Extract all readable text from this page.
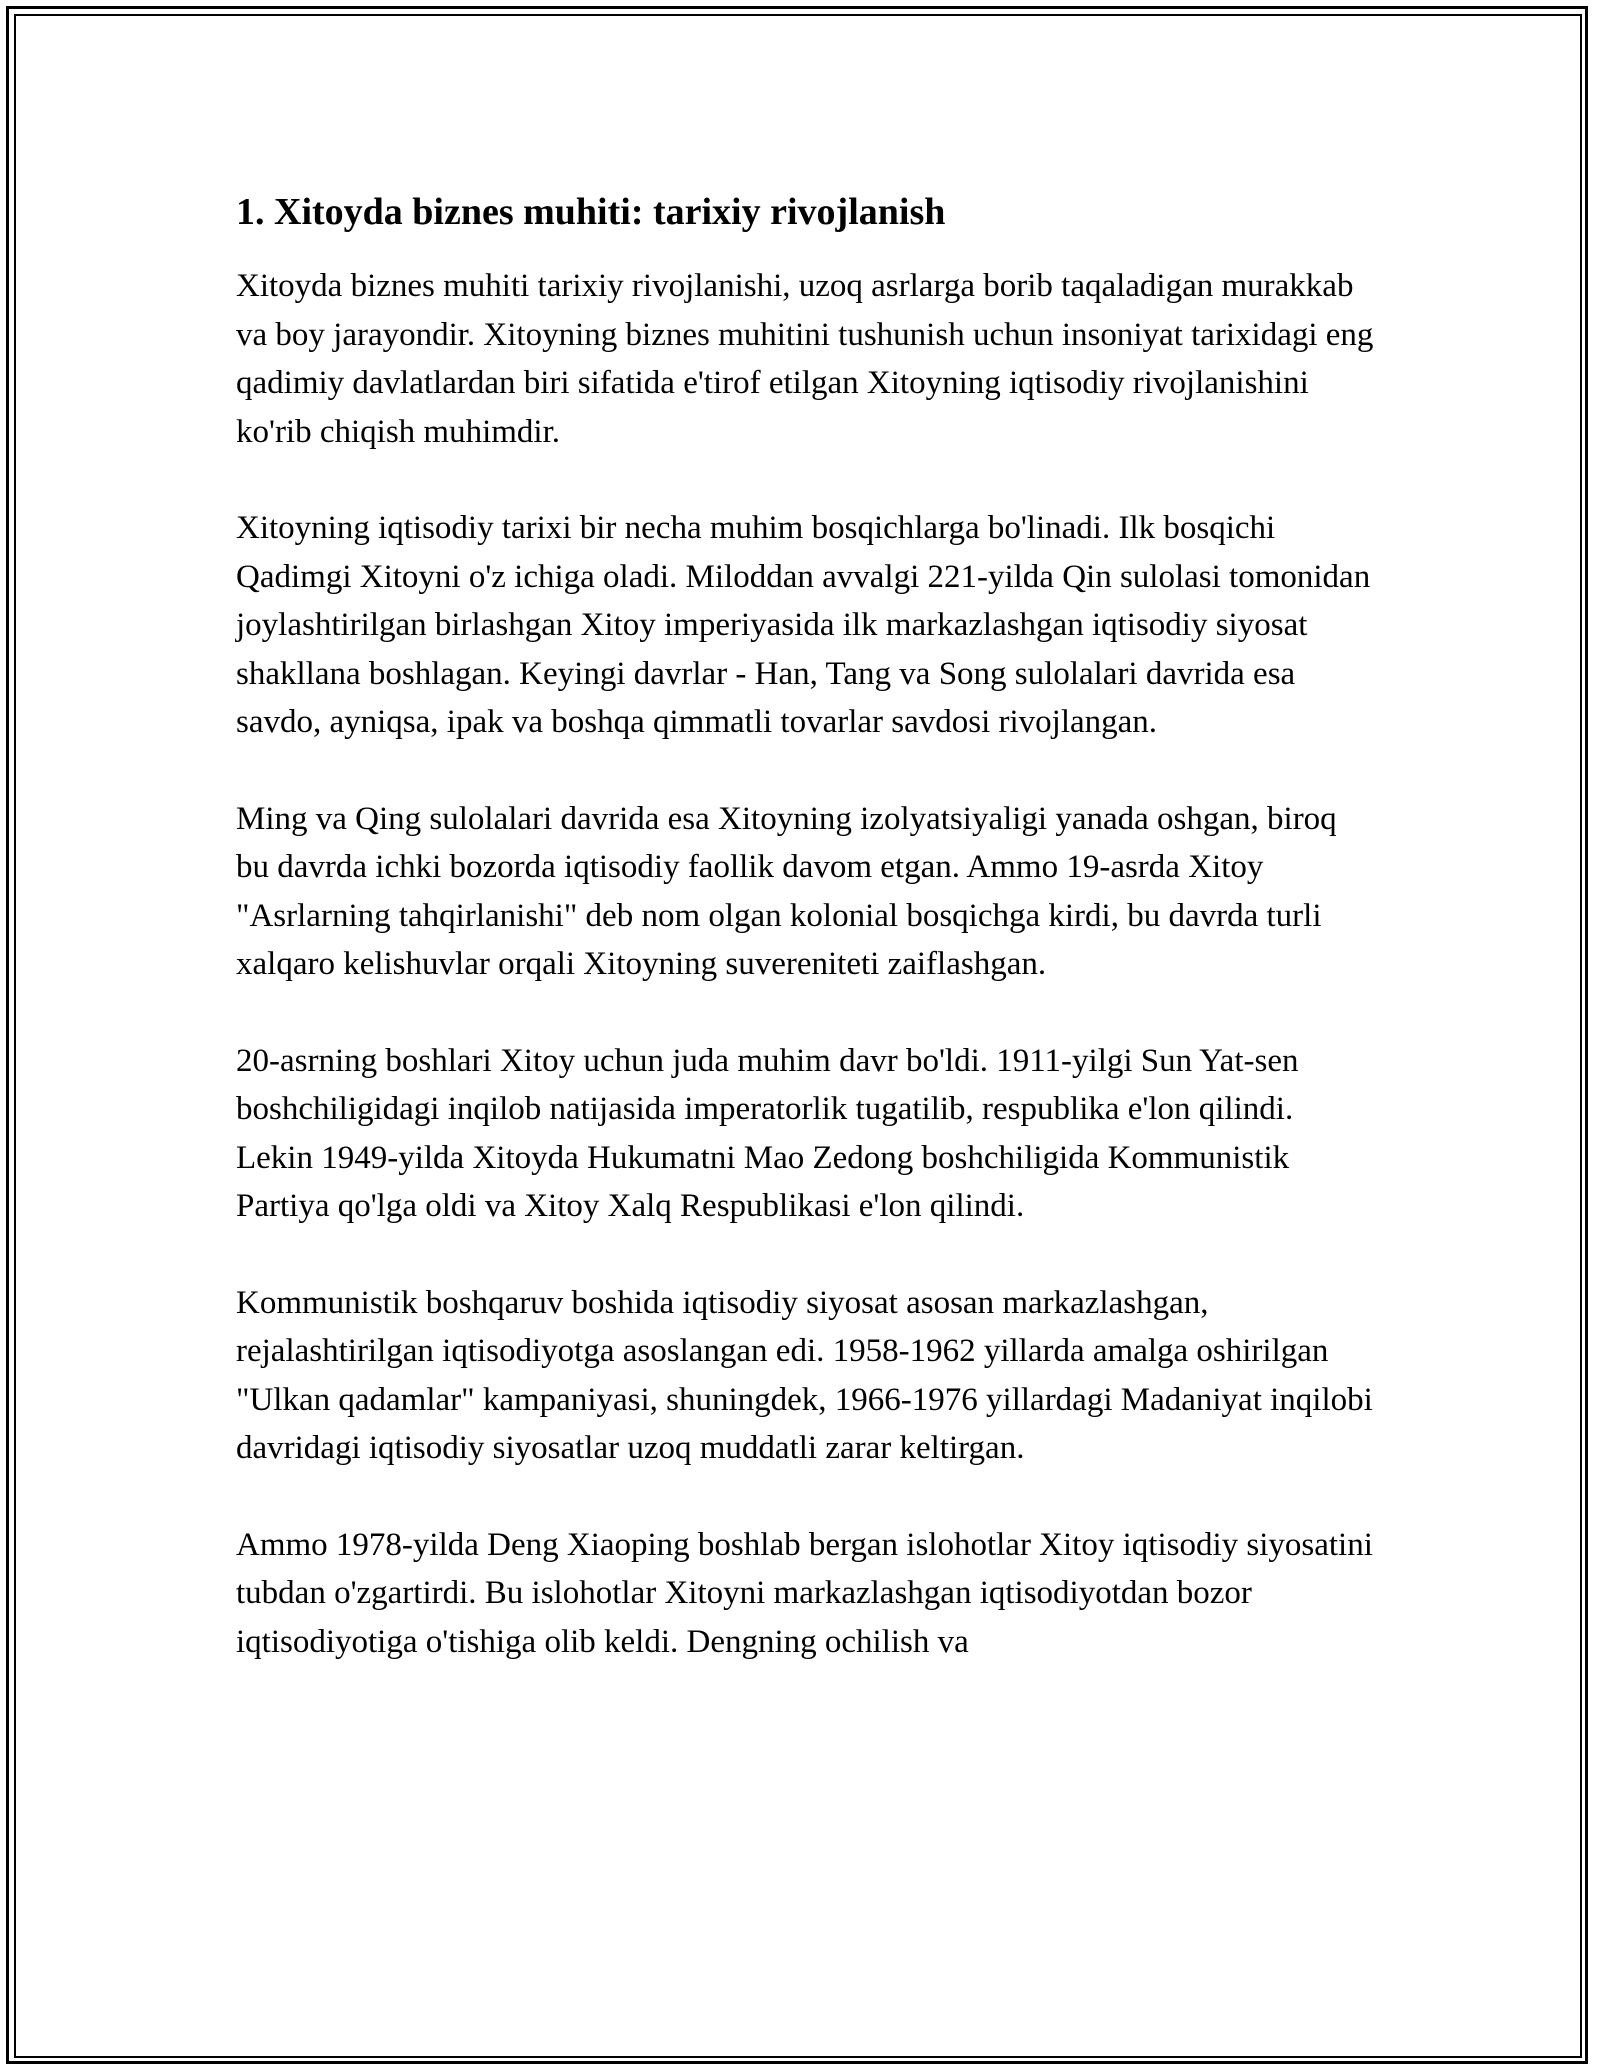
1. Xitoyda biznes muhiti: tarixiy rivojlanish

Xitoyda biznes muhiti tarixiy rivojlanishi, uzoq asrlarga borib taqaladigan murakkab va boy jarayondir. Xitoyning biznes muhitini tushunish uchun insoniyat tarixidagi eng qadimiy davlatlardan biri sifatida e'tirof etilgan Xitoyning iqtisodiy rivojlanishini ko'rib chiqish muhimdir.

Xitoyning iqtisodiy tarixi bir necha muhim bosqichlarga bo'linadi. Ilk bosqichi Qadimgi Xitoyni o'z ichiga oladi. Miloddan avvalgi 221-yilda Qin sulolasi tomonidan joylashtirilgan birlashgan Xitoy imperiyasida ilk markazlashgan iqtisodiy siyosat shakllana boshlagan. Keyingi davrlar - Han, Tang va Song sulolalari davrida esa savdo, ayniqsa, ipak va boshqa qimmatli tovarlar savdosi rivojlangan.

Ming va Qing sulolalari davrida esa Xitoyning izolyatsiyaligi yanada oshgan, biroq bu davrda ichki bozorda iqtisodiy faollik davom etgan. Ammo 19-asrda Xitoy "Asrlarning tahqirlanishi" deb nom olgan kolonial bosqichga kirdi, bu davrda turli xalqaro kelishuvlar orqali Xitoyning suvereniteti zaiflashgan.

20-asrning boshlari Xitoy uchun juda muhim davr bo'ldi. 1911-yilgi Sun Yat-sen boshchiligidagi inqilob natijasida imperatorlik tugatilib, respublika e'lon qilindi. Lekin 1949-yilda Xitoyda Hukumatni Mao Zedong boshchiligida Kommunistik Partiya qo'lga oldi va Xitoy Xalq Respublikasi e'lon qilindi.

Kommunistik boshqaruv boshida iqtisodiy siyosat asosan markazlashgan, rejalashtirilgan iqtisodiyotga asoslangan edi. 1958-1962 yillarda amalga oshirilgan "Ulkan qadamlar" kampaniyasi, shuningdek, 1966-1976 yillardagi Madaniyat inqilobi davridagi iqtisodiy siyosatlar uzoq muddatli zarar keltirgan.

Ammo 1978-yilda Deng Xiaoping boshlab bergan islohotlar Xitoy iqtisodiy siyosatini tubdan o'zgartirdi. Bu islohotlar Xitoyni markazlashgan iqtisodiyotdan bozor iqtisodiyotiga o'tishiga olib keldi. Dengning ochilish va
